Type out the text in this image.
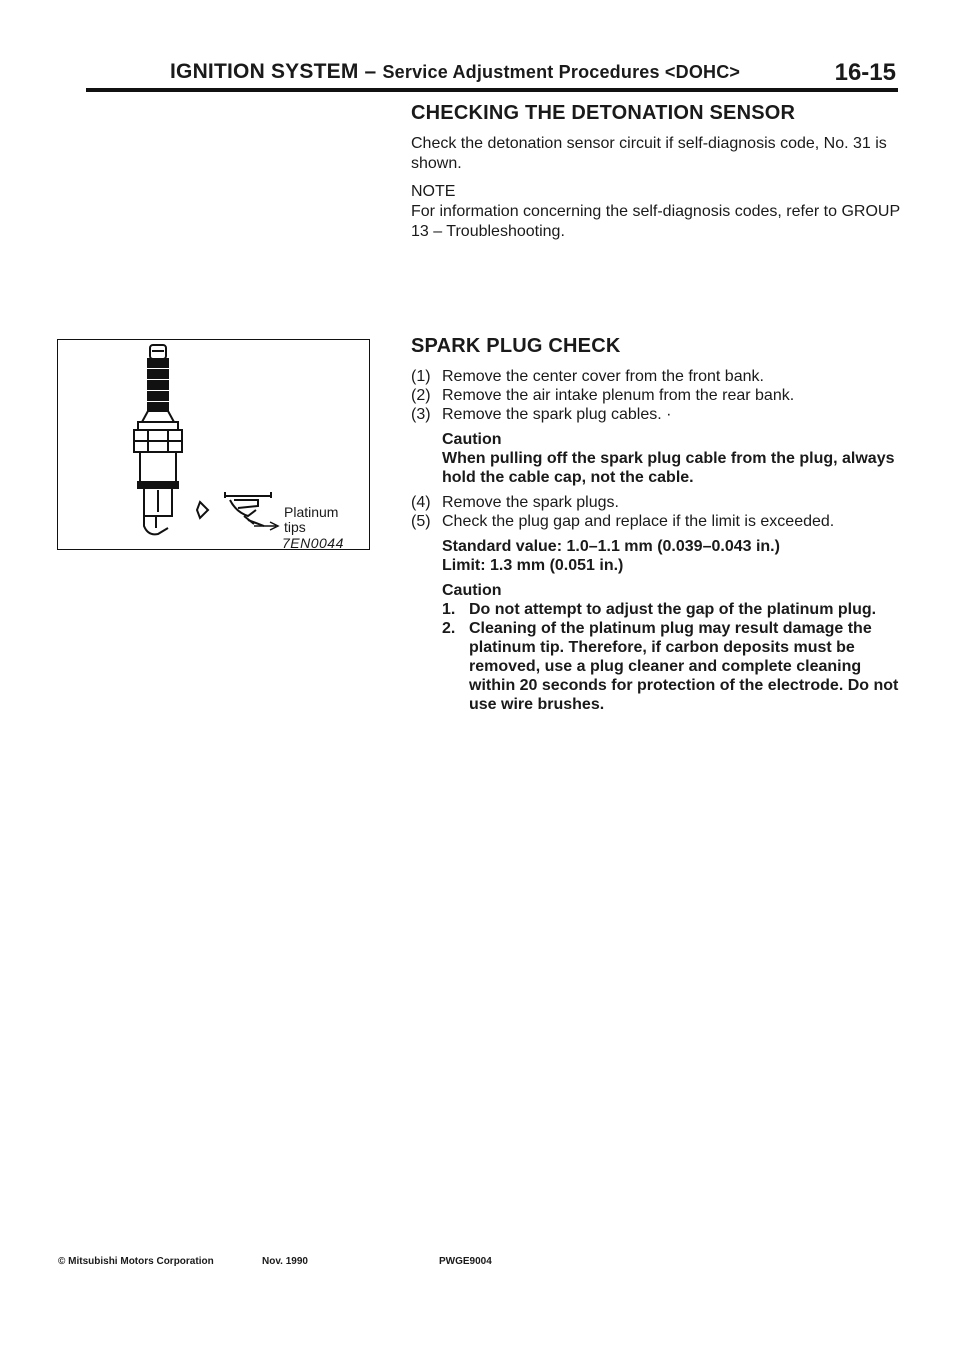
IGNITION SYSTEM – Service Adjustment Procedures <DOHC>	16-15
CHECKING THE DETONATION SENSOR

Check the detonation sensor circuit if self-diagnosis code, No. 31 is shown.

NOTE

For information concerning the self-diagnosis codes, refer to GROUP 13 – Troubleshooting.

Platinum
tips
7EN0044
SPARK PLUG CHECK
(1) Remove the center cover from the front bank.
(2) Remove the air intake plenum from the rear bank.
(3) Remove the spark plug cables. ·

Caution

When pulling off the spark plug cable from the plug, always hold the cable cap, not the cable.

(4) Remove the spark plugs.
(5) Check the plug gap and replace if the limit is exceeded.

Standard value: 1.0–1.1 mm (0.039–0.043 in.)

Limit: 1.3 mm (0.051 in.)

Caution

1. Do not attempt to adjust the gap of the platinum plug.
2. Cleaning of the platinum plug may result damage the platinum tip. Therefore, if carbon deposits must be removed, use a plug cleaner and complete cleaning within 20 seconds for protection of the electrode. Do not use wire brushes.
© Mitsubishi Motors Corporation	Nov. 1990	PWGE9004
